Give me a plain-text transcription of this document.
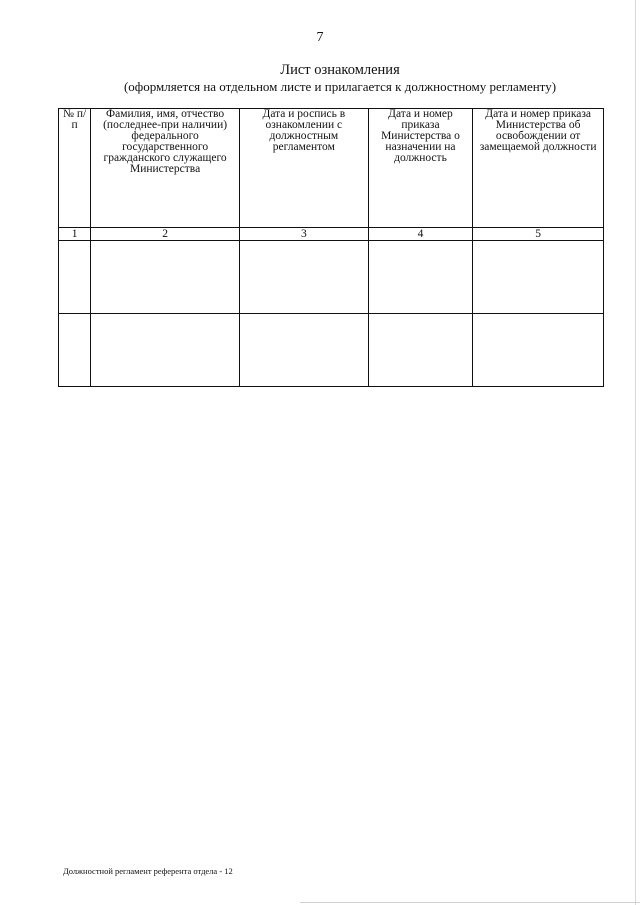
7
Лист ознакомления
(оформляется на отдельном листе и прилагается к должностному регламенту)
№ п/п	Фамилия, имя, отчество (последнее-при наличии) федерального государственного гражданского служащего Министерства	Дата и роспись в ознакомлении с должностным регламентом	Дата и номер приказа Министерства о назначении на должность	Дата и номер приказа Министерства об освобождении от замещаемой должности

1	2	3	4	5

Должностной регламент референта отдела - 12
